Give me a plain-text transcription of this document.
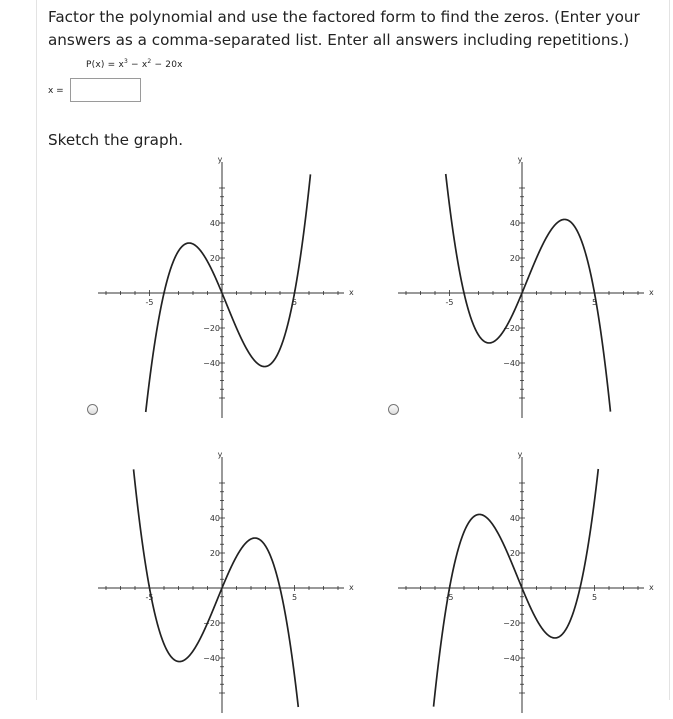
Factor the polynomial and use the factored form to find the zeros. (Enter your
answers as a comma-separated list. Enter all answers including repetitions.)
$P(x) = x^3 - x^2 - 20x$
x =
Sketch the graph.
-5	5
40
20
−20
−40
x
y
-5	5
40
20
−20
−40
x
y
-5	5
40
20
−20
−40
x
y
-5	5
40
20
−20
−40
x
y
